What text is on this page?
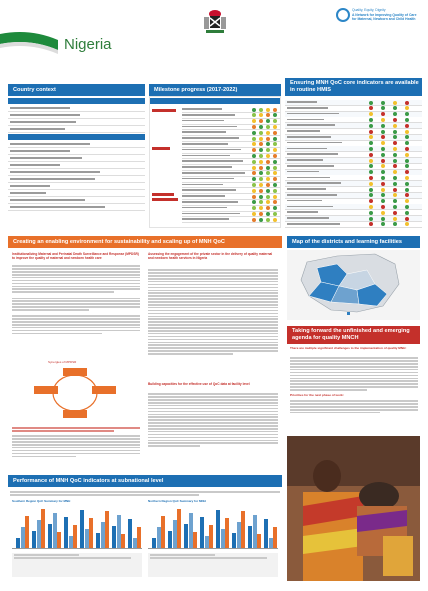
Nigeria
Quality, Equity, Dignity
A Network for Improving Quality of Care
for Maternal, Newborn and Child Health
Country context	Milestone progress (2017-2022)
Ensuring MNH QoC core indicators are available in routine HMIS
Creating an enabling environment for sustainability and scaling up of MNH QoC
Institutionalizing Maternal and Perinatal Death Surveillance and Response (MPDSR) to improve the quality of maternal and newborn health care
Synergies of MPDSR
Assessing the engagement of the private sector in the delivery of quality maternal and newborn health services in Nigeria
Building capacities for the effective use of QoC data at facility level
Map of the districts and learning facilities
Taking forward the unfinished and emerging agenda for quality MNCH
There are multiple significant challenges to the implementation of quality MNH:
Priorities for the next phase of work:
Performance of MNH QoC indicators at subnational level
Southern Region QoC Summary for MNH	Northern Region QoC Summary for MNH
